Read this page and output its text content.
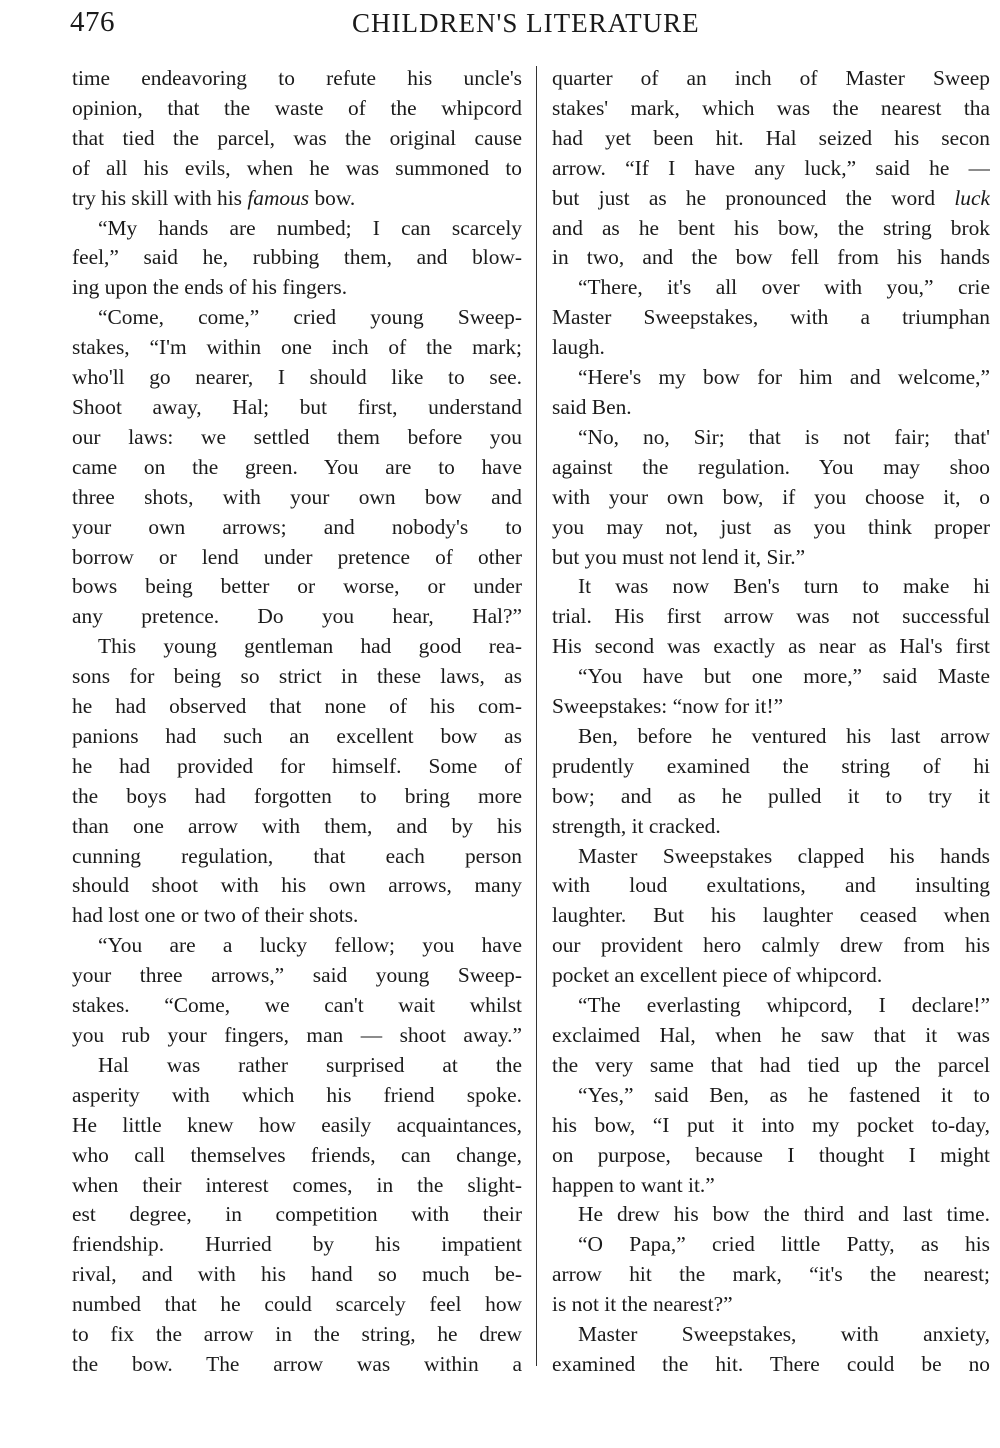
476	CHILDREN'S LITERATURE
time endeavoring to refute his uncle's
opinion, that the waste of the whipcord
that tied the parcel, was the original cause
of all his evils, when he was summoned to
try his skill with his famous bow.
“My hands are numbed; I can scarcely
feel,” said he, rubbing them, and blow-
ing upon the ends of his fingers.
“Come, come,” cried young Sweep-
stakes, “I'm within one inch of the mark;
who'll go nearer, I should like to see.
Shoot away, Hal; but first, understand
our laws: we settled them before you
came on the green. You are to have
three shots, with your own bow and
your own arrows; and nobody's to
borrow or lend under pretence of other
bows being better or worse, or under
any pretence. Do you hear, Hal?”
This young gentleman had good rea-
sons for being so strict in these laws, as
he had observed that none of his com-
panions had such an excellent bow as
he had provided for himself. Some of
the boys had forgotten to bring more
than one arrow with them, and by his
cunning regulation, that each person
should shoot with his own arrows, many
had lost one or two of their shots.
“You are a lucky fellow; you have
your three arrows,” said young Sweep-
stakes. “Come, we can't wait whilst
you rub your fingers, man — shoot away.”
Hal was rather surprised at the
asperity with which his friend spoke.
He little knew how easily acquaintances,
who call themselves friends, can change,
when their interest comes, in the slight-
est degree, in competition with their
friendship. Hurried by his impatient
rival, and with his hand so much be-
numbed that he could scarcely feel how
to fix the arrow in the string, he drew
the bow. The arrow was within a
quarter of an inch of Master Sweep
stakes' mark, which was the nearest tha
had yet been hit. Hal seized his secon
arrow. “If I have any luck,” said he —
but just as he pronounced the word luck
and as he bent his bow, the string brok
in two, and the bow fell from his hands
“There, it's all over with you,” crie
Master Sweepstakes, with a triumphan
laugh.
“Here's my bow for him and welcome,”
said Ben.
“No, no, Sir; that is not fair; that'
against the regulation. You may shoo
with your own bow, if you choose it, o
you may not, just as you think proper
but you must not lend it, Sir.”
It was now Ben's turn to make hi
trial. His first arrow was not successful
His second was exactly as near as Hal's first
“You have but one more,” said Maste
Sweepstakes: “now for it!”
Ben, before he ventured his last arrow
prudently examined the string of hi
bow; and as he pulled it to try it
strength, it cracked.
Master Sweepstakes clapped his hands
with loud exultations, and insulting
laughter. But his laughter ceased when
our provident hero calmly drew from his
pocket an excellent piece of whipcord.
“The everlasting whipcord, I declare!”
exclaimed Hal, when he saw that it was
the very same that had tied up the parcel
“Yes,” said Ben, as he fastened it to
his bow, “I put it into my pocket to-day,
on purpose, because I thought I might
happen to want it.”
He drew his bow the third and last time.
“O Papa,” cried little Patty, as his
arrow hit the mark, “it's the nearest;
is not it the nearest?”
Master Sweepstakes, with anxiety,
examined the hit. There could be no
